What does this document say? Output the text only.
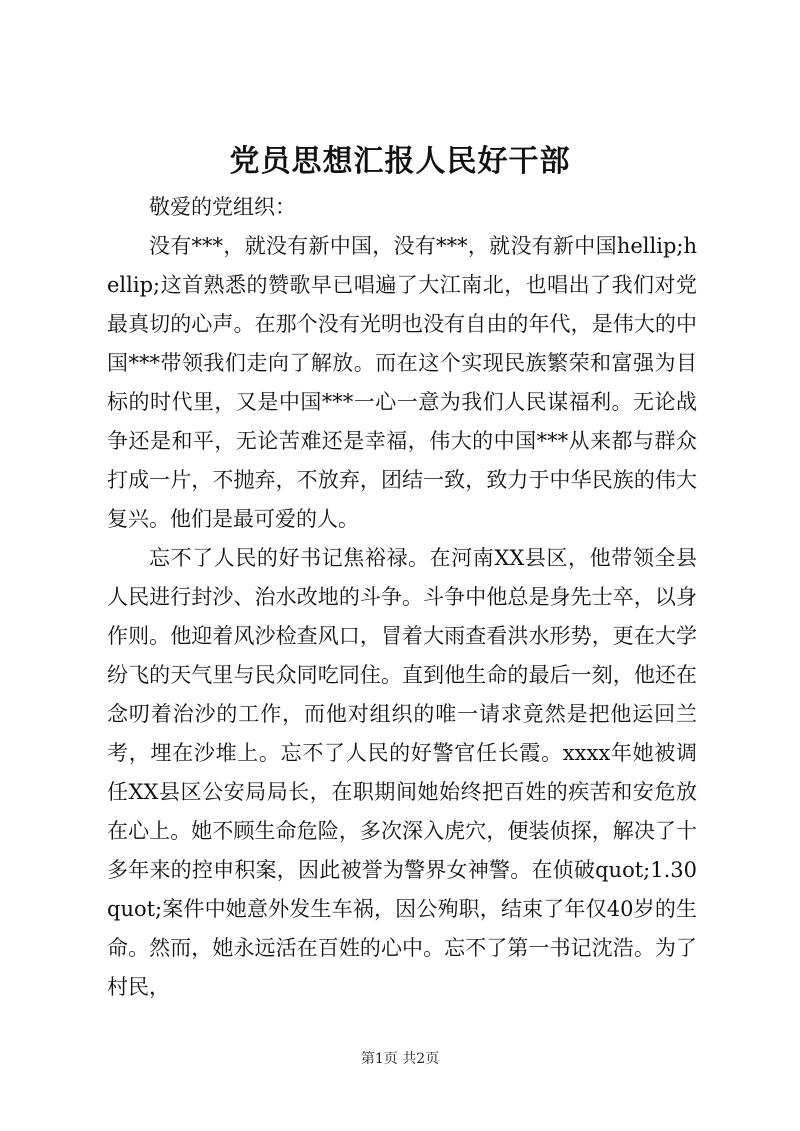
党员思想汇报人民好干部

敬爱的党组织：

没有***，就没有新中国，没有***，就没有新中国hellip;hellip;这首熟悉的赞歌早已唱遍了大江南北，也唱出了我们对党最真切的心声。在那个没有光明也没有自由的年代，是伟大的中国***带领我们走向了解放。而在这个实现民族繁荣和富强为目标的时代里，又是中国***一心一意为我们人民谋福利。无论战争还是和平，无论苦难还是幸福，伟大的中国***从来都与群众打成一片，不抛弃，不放弃，团结一致，致力于中华民族的伟大复兴。他们是最可爱的人。

忘不了人民的好书记焦裕禄。在河南XX县区，他带领全县人民进行封沙、治水改地的斗争。斗争中他总是身先士卒，以身作则。他迎着风沙检查风口，冒着大雨查看洪水形势，更在大学纷飞的天气里与民众同吃同住。直到他生命的最后一刻，他还在念叨着治沙的工作，而他对组织的唯一请求竟然是把他运回兰考，埋在沙堆上。忘不了人民的好警官任长霞。xxxx年她被调任XX县区公安局局长，在职期间她始终把百姓的疾苦和安危放在心上。她不顾生命危险，多次深入虎穴，便装侦探，解决了十多年来的控申积案，因此被誉为警界女神警。在侦破quot;1.30quot;案件中她意外发生车祸，因公殉职，结束了年仅40岁的生命。然而，她永远活在百姓的心中。忘不了第一书记沈浩。为了村民，

第1页 共2页
